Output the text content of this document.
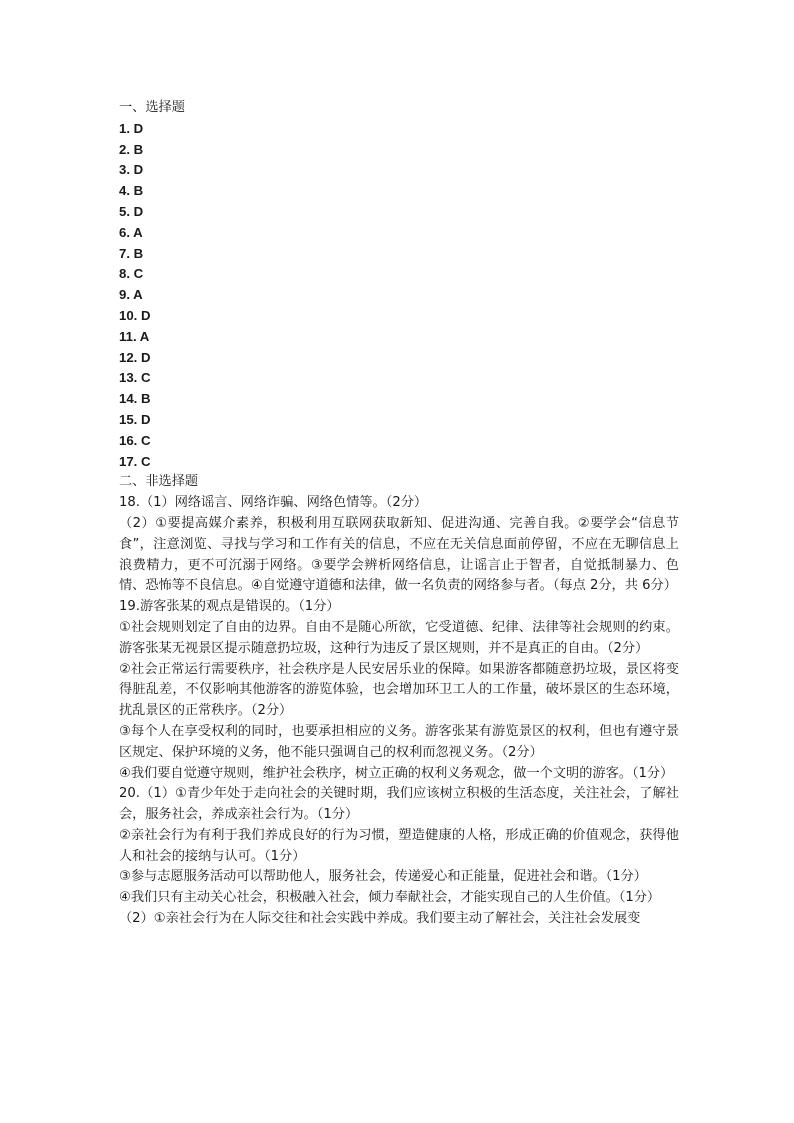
一、选择题

1. D

2. B

3. D

4. B

5. D

6. A

7. B

8. C

9. A

10. D

11. A

12. D

13. C

14. B

15. D

16. C

17. C

二、非选择题

18.（1）网络谣言、网络诈骗、网络色情等。（2分）

（2）①要提高媒介素养，积极利用互联网获取新知、促进沟通、完善自我。②要学会“信息节食”，注意浏览、寻找与学习和工作有关的信息，不应在无关信息面前停留，不应在无聊信息上浪费精力，更不可沉溺于网络。③要学会辨析网络信息，让谣言止于智者，自觉抵制暴力、色情、恐怖等不良信息。④自觉遵守道德和法律，做一名负责的网络参与者。（每点 2分，共 6分）

19.游客张某的观点是错误的。（1分）

①社会规则划定了自由的边界。自由不是随心所欲，它受道德、纪律、法律等社会规则的约束。游客张某无视景区提示随意扔垃圾，这种行为违反了景区规则，并不是真正的自由。（2分）

②社会正常运行需要秩序，社会秩序是人民安居乐业的保障。如果游客都随意扔垃圾，景区将变得脏乱差，不仅影响其他游客的游览体验，也会增加环卫工人的工作量，破坏景区的生态环境，扰乱景区的正常秩序。（2分）

③每个人在享受权利的同时，也要承担相应的义务。游客张某有游览景区的权利，但也有遵守景区规定、保护环境的义务，他不能只强调自己的权利而忽视义务。（2分）

④我们要自觉遵守规则，维护社会秩序，树立正确的权利义务观念，做一个文明的游客。（1分）

20.（1）①青少年处于走向社会的关键时期，我们应该树立积极的生活态度，关注社会，了解社会，服务社会，养成亲社会行为。（1分）

②亲社会行为有利于我们养成良好的行为习惯，塑造健康的人格，形成正确的价值观念，获得他人和社会的接纳与认可。（1分）

③参与志愿服务活动可以帮助他人，服务社会，传递爱心和正能量，促进社会和谐。（1分）

④我们只有主动关心社会，积极融入社会，倾力奉献社会，才能实现自己的人生价值。（1分）

（2）①亲社会行为在人际交往和社会实践中养成。我们要主动了解社会，关注社会发展变
